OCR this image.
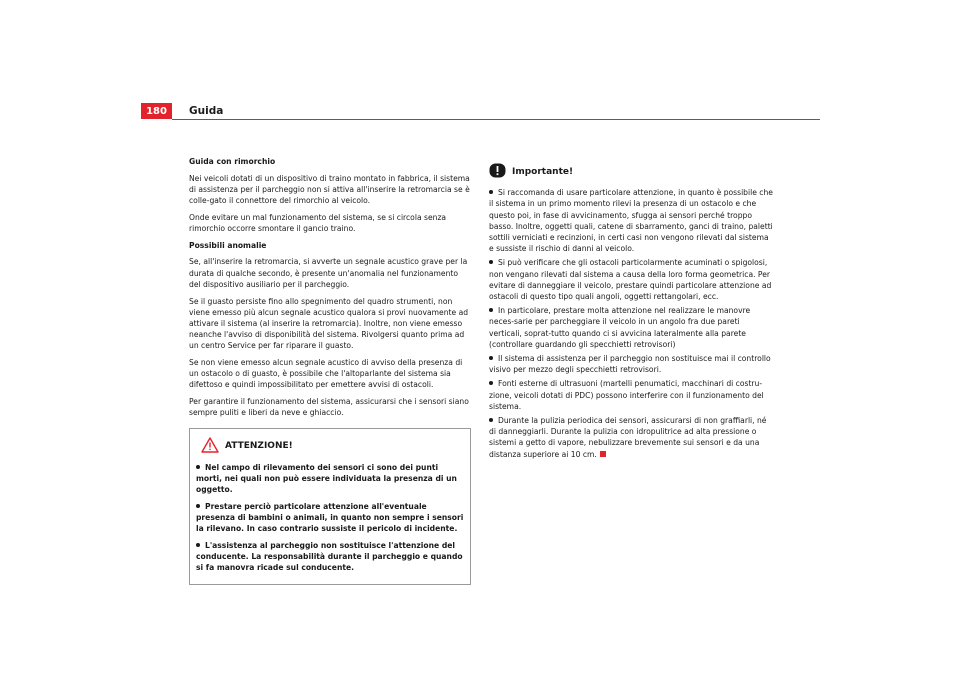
180	Guida

Guida con rimorchio

Nei veicoli dotati di un dispositivo di traino montato in fabbrica, il sistema di assistenza per il parcheggio non si attiva all'inserire la retromarcia se è colle-gato il connettore del rimorchio al veicolo.

Onde evitare un mal funzionamento del sistema, se si circola senza rimorchio occorre smontare il gancio traino.

Possibili anomalie

Se, all'inserire la retromarcia, si avverte un segnale acustico grave per la durata di qualche secondo, è presente un'anomalia nel funzionamento del dispositivo ausiliario per il parcheggio.

Se il guasto persiste fino allo spegnimento del quadro strumenti, non viene emesso più alcun segnale acustico qualora si provi nuovamente ad attivare il sistema (al inserire la retromarcia). Inoltre, non viene emesso neanche l'avviso di disponibilità del sistema. Rivolgersi quanto prima ad un centro Service per far riparare il guasto.

Se non viene emesso alcun segnale acustico di avviso della presenza di un ostacolo o di guasto, è possibile che l'altoparlante del sistema sia difettoso e quindi impossibilitato per emettere avvisi di ostacoli.

Per garantire il funzionamento del sistema, assicurarsi che i sensori siano sempre puliti e liberi da neve e ghiaccio.

ATTENZIONE!

Nel campo di rilevamento dei sensori ci sono dei punti morti, nei quali non può essere individuata la presenza di un oggetto.

Prestare perciò particolare attenzione all'eventuale presenza di bambini o animali, in quanto non sempre i sensori la rilevano. In caso contrario sussiste il pericolo di incidente.

L'assistenza al parcheggio non sostituisce l'attenzione del conducente. La responsabilità durante il parcheggio e quando si fa manovra ricade sul conducente.

Importante!

Si raccomanda di usare particolare attenzione, in quanto è possibile che il sistema in un primo momento rilevi la presenza di un ostacolo e che questo poi, in fase di avvicinamento, sfugga ai sensori perché troppo basso. Inoltre, oggetti quali, catene di sbarramento, ganci di traino, paletti sottili verniciati e recinzioni, in certi casi non vengono rilevati dal sistema e sussiste il rischio di danni al veicolo.

Si può verificare che gli ostacoli particolarmente acuminati o spigolosi, non vengano rilevati dal sistema a causa della loro forma geometrica. Per evitare di danneggiare il veicolo, prestare quindi particolare attenzione ad ostacoli di questo tipo quali angoli, oggetti rettangolari, ecc.

In particolare, prestare molta attenzione nel realizzare le manovre neces-sarie per parcheggiare il veicolo in un angolo fra due pareti verticali, soprat-tutto quando ci si avvicina lateralmente alla parete (controllare guardando gli specchietti retrovisori)

Il sistema di assistenza per il parcheggio non sostituisce mai il controllo visivo per mezzo degli specchietti retrovisori.

Fonti esterne di ultrasuoni (martelli penumatici, macchinari di costru-zione, veicoli dotati di PDC) possono interferire con il funzionamento del sistema.

Durante la pulizia periodica dei sensori, assicurarsi di non graffiarli, né di danneggiarli. Durante la pulizia con idropulitrice ad alta pressione o sistemi a getto di vapore, nebulizzare brevemente sui sensori e da una distanza superiore ai 10 cm.
